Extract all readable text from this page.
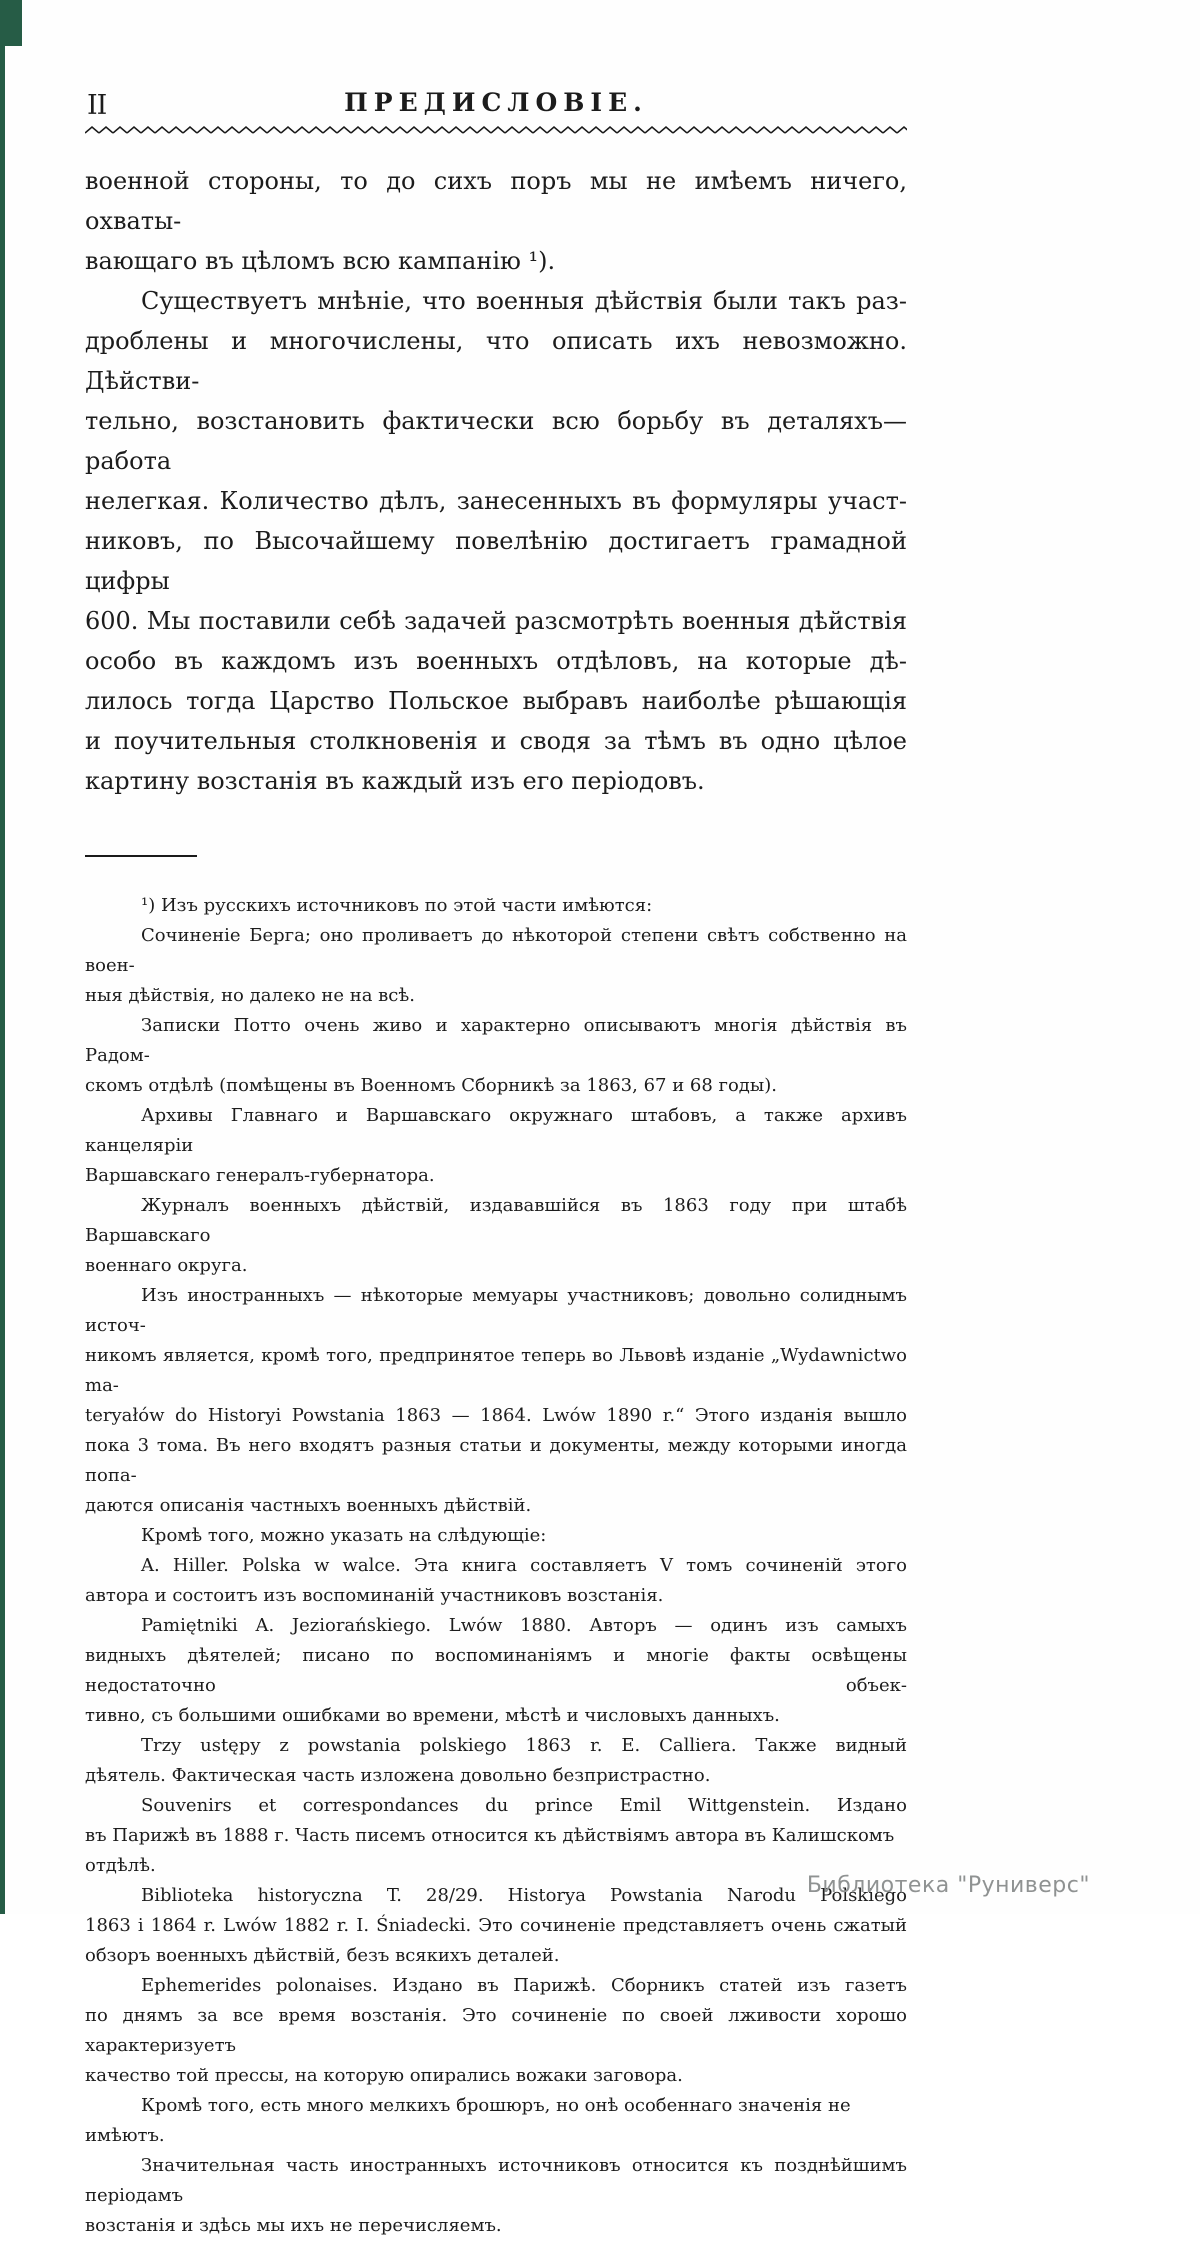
II	ПРЕДИСЛОВІЕ.
военной стороны, то до сихъ поръ мы не имѣемъ ничего, охваты-
вающаго въ цѣломъ всю кампанію ¹).
Существуетъ мнѣніе, что военныя дѣйствія были такъ раз-
дроблены и многочислены, что описать ихъ невозможно. Дѣйстви-
тельно, возстановить фактически всю борьбу въ деталяхъ—работа
нелегкая. Количество дѣлъ, занесенныхъ въ формуляры участ-
никовъ, по Высочайшему повелѣнію достигаетъ грамадной цифры
600. Мы поставили себѣ задачей разсмотрѣть военныя дѣйствія
особо въ каждомъ изъ военныхъ отдѣловъ, на которые дѣ-
лилось тогда Царство Польское выбравъ наиболѣе рѣшающія
и поучительныя столкновенія и сводя за тѣмъ въ одно цѣлое
картину возстанія въ каждый изъ его періодовъ.
¹) Изъ русскихъ источниковъ по этой части имѣются:
Сочиненіе Берга; оно проливаетъ до нѣкоторой степени свѣтъ собственно на воен-
ныя дѣйствія, но далеко не на всѣ.
Записки Потто очень живо и характерно описываютъ многія дѣйствія въ Радом-
скомъ отдѣлѣ (помѣщены въ Военномъ Сборникѣ за 1863, 67 и 68 годы).
Архивы Главнаго и Варшавскаго окружнаго штабовъ, а также архивъ канцеляріи
Варшавскаго генералъ-губернатора.
Журналъ военныхъ дѣйствій, издававшійся въ 1863 году при штабѣ Варшавскаго
военнаго округа.
Изъ иностранныхъ — нѣкоторые мемуары участниковъ; довольно солиднымъ источ-
никомъ является, кромѣ того, предпринятое теперь во Львовѣ изданіе „Wydawnictwo ma-
teryałów do Historyi Powstania 1863 — 1864. Lwów 1890 r.“ Этого изданія вышло
пока 3 тома. Въ него входятъ разныя статьи и документы, между которыми иногда попа-
даются описанія частныхъ военныхъ дѣйствій.
Кромѣ того, можно указать на слѣдующіе:
A. Hiller. Polska w walce. Эта книга составляетъ V томъ сочиненій этого
автора и состоитъ изъ воспоминаній участниковъ возстанія.
Pamiętniki A. Jeziorańskiego. Lwów 1880. Авторъ — одинъ изъ самыхъ
видныхъ дѣятелей; писано по воспоминаніямъ и многіе факты освѣщены недостаточно объек-
тивно, съ большими ошибками во времени, мѣстѣ и числовыхъ данныхъ.
Trzy ustępy z powstania polskiego 1863 r. E. Calliera. Также видный
дѣятель. Фактическая часть изложена довольно безпристрастно.
Souvenirs et correspondances du prince Emil Wittgenstein. Издано
въ Парижѣ въ 1888 г. Часть писемъ относится къ дѣйствіямъ автора въ Калишскомъ отдѣлѣ.
Biblioteka historyczna T. 28/29. Historya Powstania Narodu Polskiego
1863 i 1864 r. Lwów 1882 r. I. Śniadecki. Это сочиненіе представляетъ очень сжатый
обзоръ военныхъ дѣйствій, безъ всякихъ деталей.
Ephemerides polonaises. Издано въ Парижѣ. Сборникъ статей изъ газетъ
по днямъ за все время возстанія. Это сочиненіе по своей лживости хорошо характеризуетъ
качество той прессы, на которую опирались вожаки заговора.
Кромѣ того, есть много мелкихъ брошюръ, но онѣ особеннаго значенія не имѣютъ.
Значительная часть иностранныхъ источниковъ относится къ позднѣйшимъ періодамъ
возстанія и здѣсь мы ихъ не перечисляемъ.
Библиотека "Руниверс"
